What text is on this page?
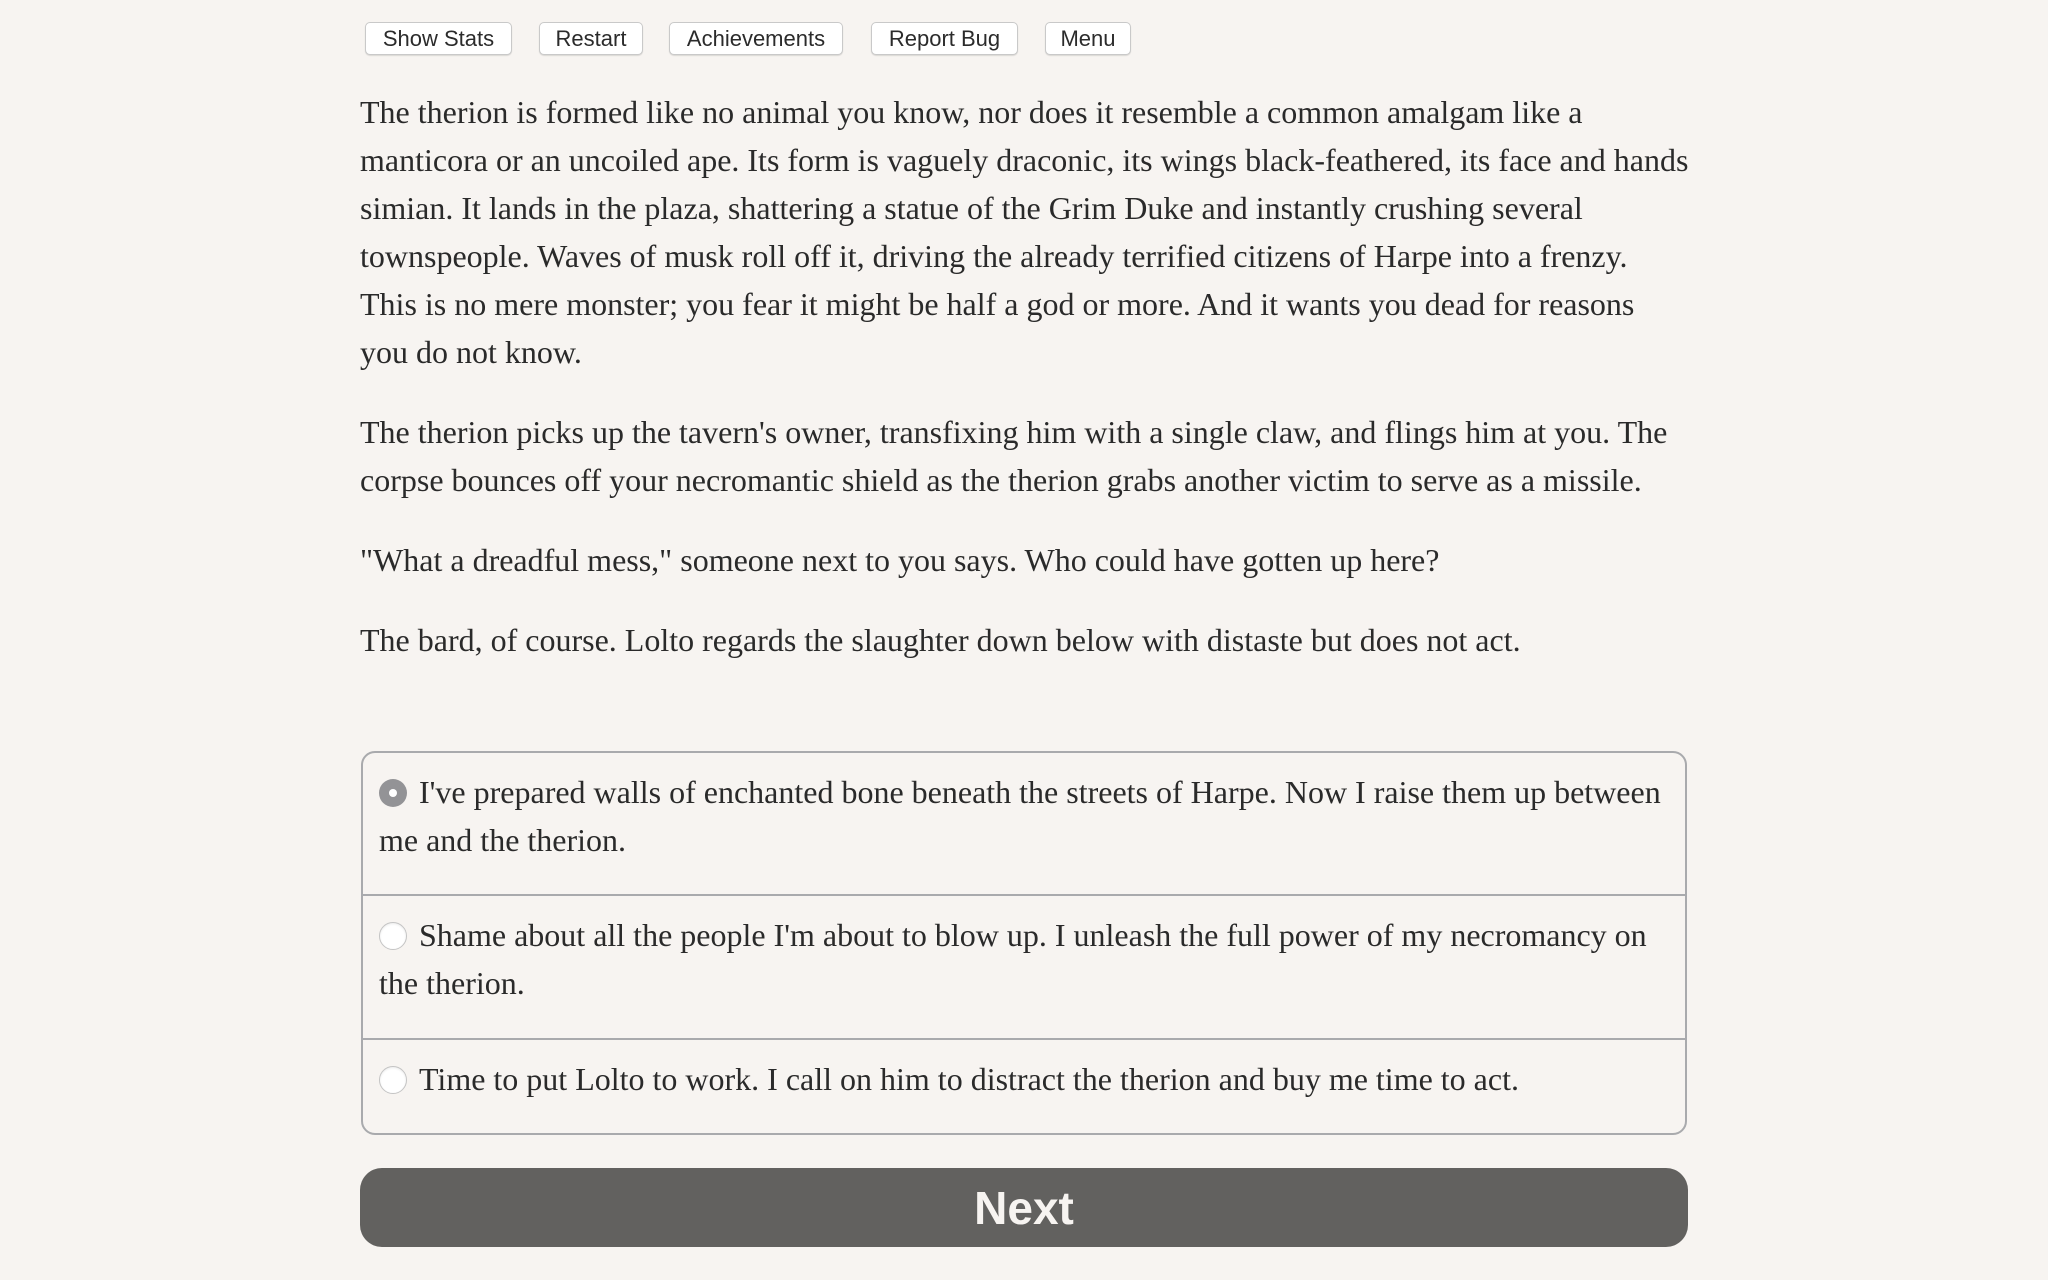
Show Stats	Restart	Achievements	Report Bug	Menu

The therion is formed like no animal you know, nor does it resemble a common amalgam like a manticora or an uncoiled ape. Its form is vaguely draconic, its wings black-feathered, its face and hands simian. It lands in the plaza, shattering a statue of the Grim Duke and instantly crushing several townspeople. Waves of musk roll off it, driving the already terrified citizens of Harpe into a frenzy. This is no mere monster; you fear it might be half a god or more. And it wants you dead for reasons you do not know.

The therion picks up the tavern's owner, transfixing him with a single claw, and flings him at you. The corpse bounces off your necromantic shield as the therion grabs another victim to serve as a missile.

"What a dreadful mess," someone next to you says. Who could have gotten up here?

The bard, of course. Lolto regards the slaughter down below with distaste but does not act.

I've prepared walls of enchanted bone beneath the streets of Harpe. Now I raise them up between me and the therion.
Shame about all the people I'm about to blow up. I unleash the full power of my necromancy on the therion.
Time to put Lolto to work. I call on him to distract the therion and buy me time to act.
Next
